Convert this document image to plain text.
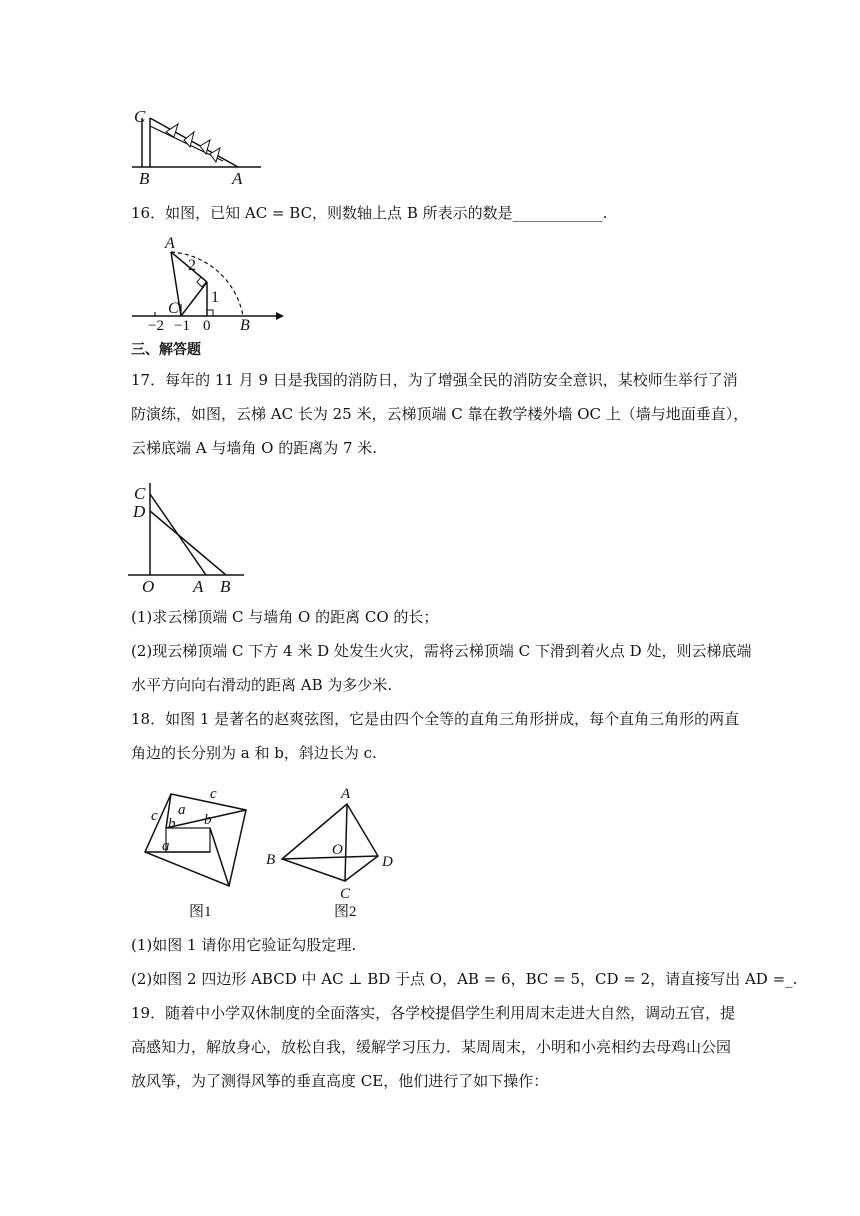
C
B	A
16．如图，已知 AC = BC，则数轴上点 B 所表示的数是____________.
A
C
B
2
1
−2 −1 0
三、解答题
17．每年的 11 月 9 日是我国的消防日，为了增强全民的消防安全意识，某校师生举行了消
防演练，如图，云梯 AC 长为 25 米，云梯顶端 C 靠在教学楼外墙 OC 上（墙与地面垂直），
云梯底端 A 与墙角 O 的距离为 7 米.
C
D
O A B
(1)求云梯顶端 C 与墙角 O 的距离 CO 的长；
(2)现云梯顶端 C 下方 4 米 D 处发生火灾，需将云梯顶端 C 下滑到着火点 D 处，则云梯底端
水平方向向右滑动的距离 AB 为多少米.
18．如图 1 是著名的赵爽弦图，它是由四个全等的直角三角形拼成，每个直角三角形的两直
角边的长分别为 a 和 b，斜边长为 c.
c a
c
b
b
a
图1
A
B
O
D
C
图2
(1)如图 1 请你用它验证勾股定理.
(2)如图 2 四边形 ABCD 中 AC ⊥ BD 于点 O，AB = 6，BC = 5，CD = 2，请直接写出 AD =_.
19．随着中小学双休制度的全面落实，各学校提倡学生利用周末走进大自然，调动五官，提
高感知力，解放身心，放松自我，缓解学习压力．某周周末，小明和小亮相约去母鸡山公园
放风筝，为了测得风筝的垂直高度 CE，他们进行了如下操作：
